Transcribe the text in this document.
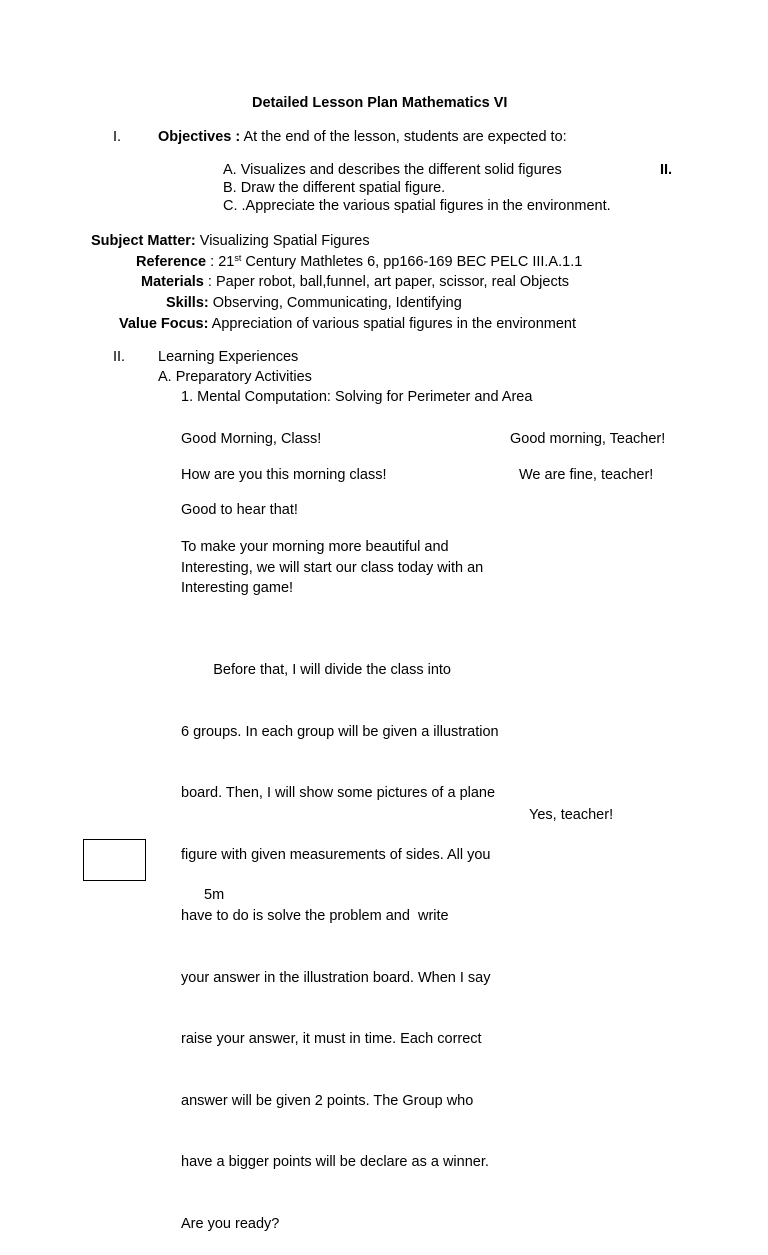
Detailed Lesson Plan Mathematics VI
I.	Objectives : At the end of the lesson, students are expected to:
A. Visualizes and describes the different solid figures	II.
B. Draw the different spatial figure.
C. .Appreciate the various spatial figures in the environment.
Subject Matter: Visualizing Spatial Figures
Reference : 21st Century Mathletes 6, pp166-169 BEC PELC III.A.1.1
Materials : Paper robot, ball,funnel, art paper, scissor, real Objects
Skills: Observing, Communicating, Identifying
Value Focus: Appreciation of various spatial figures in the environment
II. Learning Experiences
A. Preparatory Activities
1. Mental Computation: Solving for Perimeter and Area
Good Morning, Class!	Good morning, Teacher!
How are you this morning class!	We are fine, teacher!
Good to hear that!
To make your morning more beautiful and
Interesting, we will start our class today with an
Interesting game!

Before that, I will divide the class into

6 groups. In each group will be given a illustration

board. Then, I will show some pictures of a plane

figure with given measurements of sides. All you

have to do is solve the problem and  write

your answer in the illustration board. When I say

raise your answer, it must in time. Each correct

answer will be given 2 points. The Group who

have a bigger points will be declare as a winner.

Are you ready?

Yes, teacher!
5m
